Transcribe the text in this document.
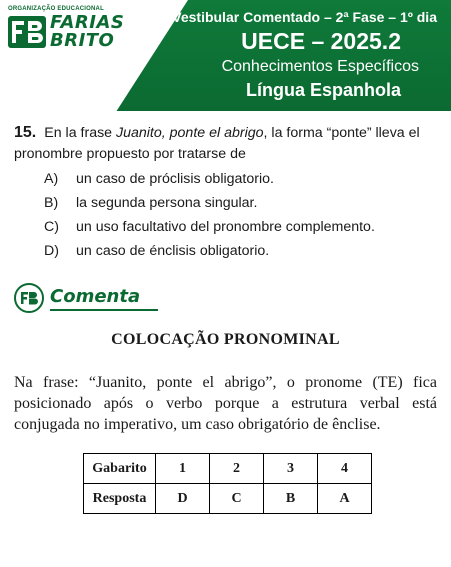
ORGANIZAÇÃO EDUCACIONAL
FARIAS
BRITO
Vestibular Comentado – 2ª Fase – 1º dia
UECE – 2025.2
Conhecimentos Específicos
Língua Espanhola
15. En la frase Juanito, ponte el abrigo, la forma “ponte” lleva el pronombre propuesto por tratarse de
A) un caso de próclisis obligatorio.
B) la segunda persona singular.
C) un uso facultativo del pronombre complemento.
D) un caso de énclisis obligatorio.
Comenta
COLOCAÇÃO PRONOMINAL
Na frase: “Juanito, ponte el abrigo”, o pronome (TE) fica posicionado após o verbo porque a estrutura verbal está conjugada no imperativo, um caso obrigatório de ênclise.
Gabarito	1	2	3	4
Resposta	D	C	B	A
